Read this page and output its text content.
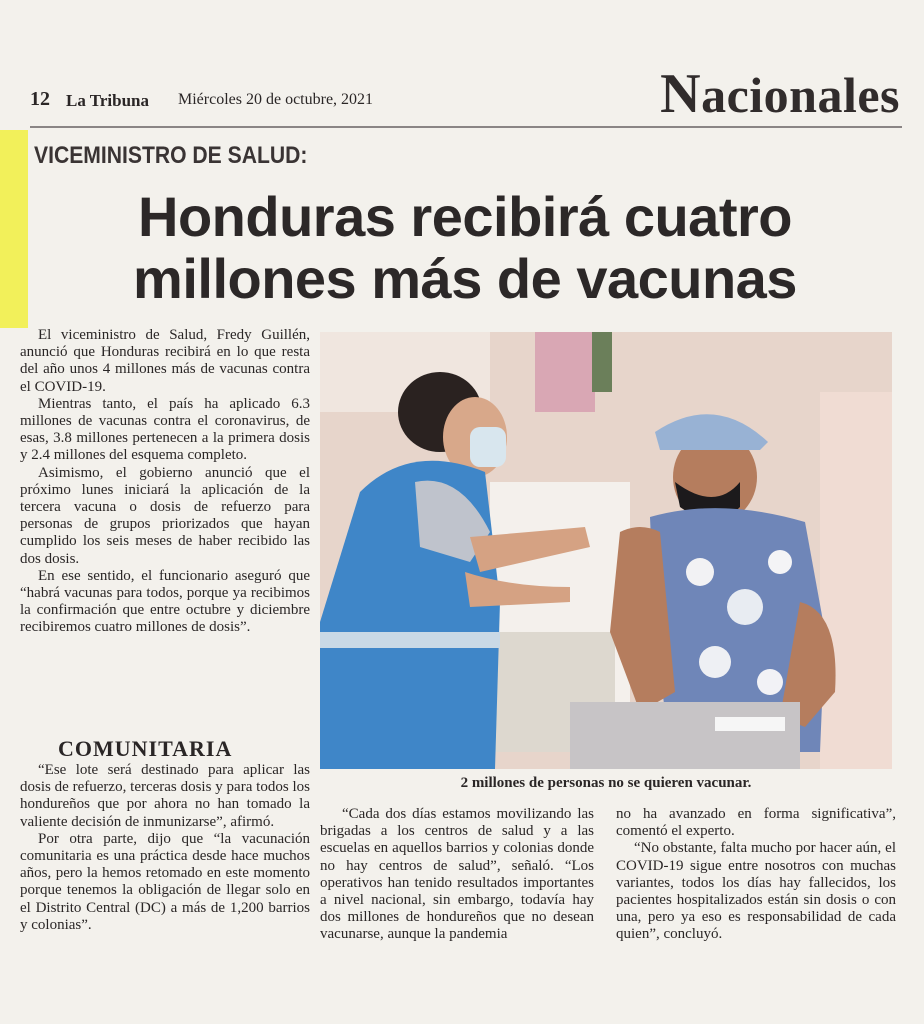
12 La Tribuna Miércoles 20 de octubre, 2021	Nacionales
VICEMINISTRO DE SALUD:
Honduras recibirá cuatro
millones más de vacunas

El viceministro de Salud, Fredy Guillén, anunció que Honduras recibirá en lo que resta del año unos 4 millones más de vacunas contra el COVID-19.

Mientras tanto, el país ha aplicado 6.3 millones de vacunas contra el coronavirus, de esas, 3.8 millones pertenecen a la primera dosis y 2.4 millones del esquema completo.

Asimismo, el gobierno anunció que el próximo lunes iniciará la aplicación de la tercera vacuna o dosis de refuerzo para personas de grupos priorizados que hayan cumplido los seis meses de haber recibido las dos dosis.

En ese sentido, el funcionario aseguró que “habrá vacunas para todos, porque ya recibimos la confirmación que entre octubre y diciembre recibiremos cuatro millones de dosis”.

COMUNITARIA

“Ese lote será destinado para aplicar las dosis de refuerzo, terceras dosis y para todos los hondureños que por ahora no han tomado la valiente decisión de inmunizarse”, afirmó.

Por otra parte, dijo que “la vacunación comunitaria es una práctica desde hace muchos años, pero la hemos retomado en este momento porque tenemos la obligación de llegar solo en el Distrito Central (DC) a más de 1,200 barrios y colonias”.

2 millones de personas no se quieren vacunar.

“Cada dos días estamos movilizando las brigadas a los centros de salud y a las escuelas en aquellos barrios y colonias donde no hay centros de salud”, señaló. “Los operativos han tenido resultados importantes a nivel nacional, sin embargo, todavía hay dos millones de hondureños que no desean vacunarse, aunque la pandemia

no ha avanzado en forma significativa”, comentó el experto.

“No obstante, falta mucho por hacer aún, el COVID-19 sigue entre nosotros con muchas variantes, todos los días hay fallecidos, los pacientes hospitalizados están sin dosis o con una, pero ya eso es responsabilidad de cada quien”, concluyó.
